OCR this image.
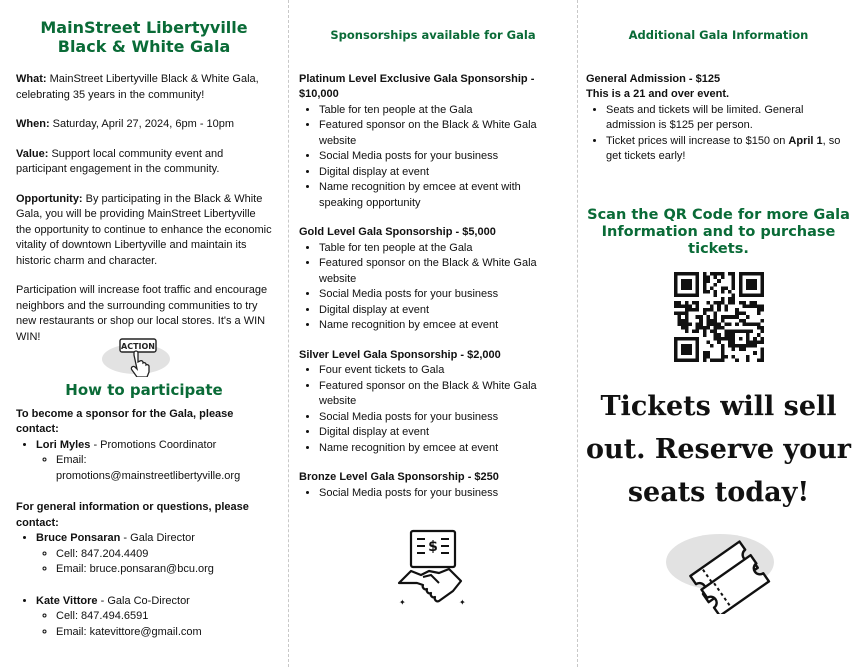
MainStreet Libertyville Black & White Gala

What: MainStreet Libertyville Black & White Gala, celebrating 35 years in the community!

When: Saturday, April 27, 2024, 6pm - 10pm

Value: Support local community event and participant engagement in the community.

Opportunity: By participating in the Black & White Gala, you will be providing MainStreet Libertyville the opportunity to continue to enhance the economic vitality of downtown Libertyville and maintain its historic charm and character.

Participation will increase foot traffic and encourage neighbors and the surrounding communities to try new restaurants or shop our local stores. It's a WIN WIN!

ACTION
How to participate

To become a sponsor for the Gala, please contact:

• Lori Myles - Promotions Coordinator
◦ Email: promotions@mainstreetlibertyville.org

For general information or questions, please contact:

• Bruce Ponsaran - Gala Director
◦ Cell: 847.204.4409
◦ Email: bruce.ponsaran@bcu.org
• Kate Vittore - Gala Co-Director
◦ Cell: 847.494.6591
◦ Email: katevittore@gmail.com
Sponsorships available for Gala

Platinum Level Exclusive Gala Sponsorship - $10,000

• Table for ten people at the Gala
• Featured sponsor on the Black & White Gala website
• Social Media posts for your business
• Digital display at event
• Name recognition by emcee at event with speaking opportunity

Gold Level Gala Sponsorship - $5,000

• Table for ten people at the Gala
• Featured sponsor on the Black & White Gala website
• Social Media posts for your business
• Digital display at event
• Name recognition by emcee at event

Silver Level Gala Sponsorship - $2,000

• Four event tickets to Gala
• Featured sponsor on the Black & White Gala website
• Social Media posts for your business
• Digital display at event
• Name recognition by emcee at event

Bronze Level Gala Sponsorship - $250

• Social Media posts for your business
$
✦	✦
Additional Gala Information

General Admission - $125

This is a 21 and over event.

• Seats and tickets will be limited. General admission is $125 per person.
• Ticket prices will increase to $150 on April 1, so get tickets early!
Scan the QR Code for more Gala Information and to purchase tickets.
Tickets will sell out. Reserve your seats today!
